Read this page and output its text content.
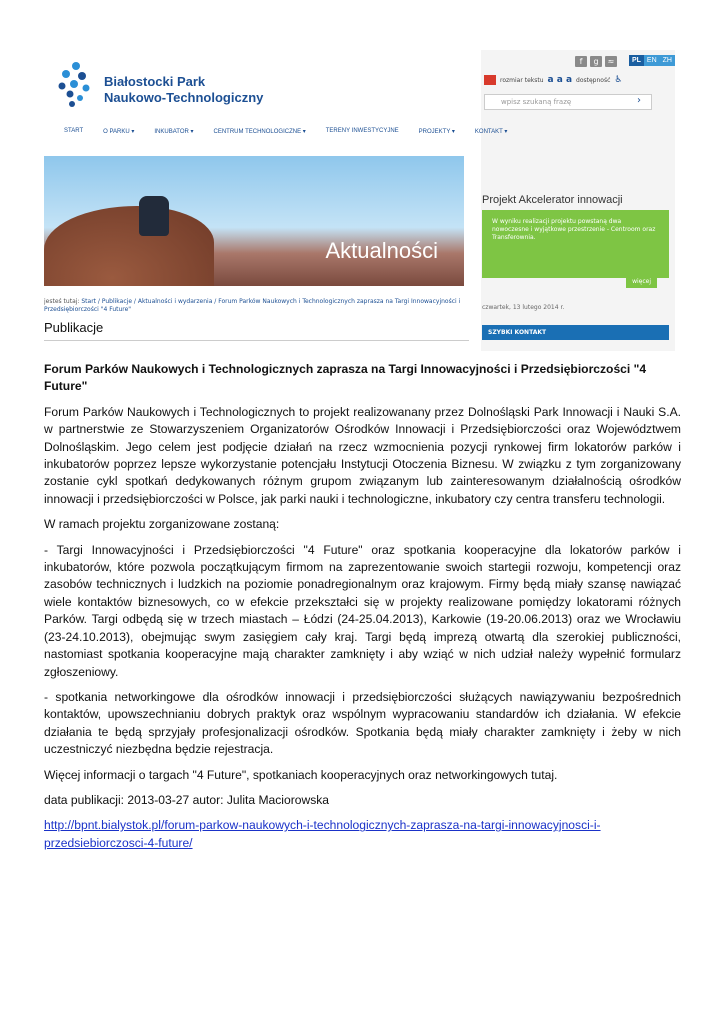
Białostocki Park
Naukowo-Technologiczny
f	g	≈	PL EN ZH
rozmiar tekstu a a a dostępność ♿
wpisz szukaną frazę	›
START	O PARKU ▾	INKUBATOR ▾	CENTRUM TECHNOLOGICZNE ▾	TERENY INWESTYCYJNE	PROJEKTY ▾	KONTAKT ▾
Aktualności
Projekt Akcelerator innowacji
W wyniku realizacji projektu powstaną dwa nowoczesne i wyjątkowe przestrzenie - Centroom oraz Transferownia.
więcej
jesteś tutaj: Start / Publikacje / Aktualności i wydarzenia / Forum Parków Naukowych i Technologicznych zaprasza na Targi Innowacyjności i Przedsiębiorczości "4 Future"	czwartek, 13 lutego 2014 r.
Publikacje	SZYBKI KONTAKT
Forum Parków Naukowych i Technologicznych zaprasza na Targi Innowacyjności i Przedsiębiorczości "4 Future"

Forum Parków Naukowych i Technologicznych to projekt realizowanany przez Dolnośląski Park Innowacji i Nauki S.A. w partnerstwie ze Stowarzyszeniem Organizatorów Ośrodków Innowacji i Przedsiębiorczości oraz Województwem Dolnośląskim. Jego celem jest podjęcie działań na rzecz wzmocnienia pozycji rynkowej firm lokatorów parków i inkubatorów poprzez lepsze wykorzystanie potencjału Instytucji Otoczenia Biznesu. W związku z tym zorganizowany zostanie cykl spotkań dedykowanych różnym grupom związanym lub zainteresowanym działalnością ośrodków innowacji i przedsiębiorczości w Polsce, jak parki nauki i technologiczne, inkubatory czy centra transferu technologii.

W ramach projektu zorganizowane zostaną:

- Targi Innowacyjności i Przedsiębiorczości "4 Future" oraz spotkania kooperacyjne dla lokatorów parków i inkubatorów, które pozwola początkującym firmom na zaprezentowanie swoich startegii rozwoju, kompetencji oraz zasobów technicznych i ludzkich na poziomie ponadregionalnym oraz krajowym. Firmy będą miały szansę nawiązać wiele kontaktów biznesowych, co w efekcie przekształci się w projekty realizowane pomiędzy lokatorami różnych Parków. Targi odbędą się w trzech miastach – Łódzi (24-25.04.2013), Karkowie (19-20.06.2013) oraz we Wrocławiu (23-24.10.2013), obejmując swym zasięgiem cały kraj. Targi będą imprezą otwartą dla szerokiej publiczności, nastomiast spotkania kooperacyjne mają charakter zamknięty i aby wziąć w nich udział należy wypełnić formularz zgłoszeniowy.

- spotkania networkingowe dla ośrodków innowacji i przedsiębiorczości służących nawiązywaniu bezpośrednich kontaktów, upowszechnianiu dobrych praktyk oraz wspólnym wypracowaniu standardów ich działania. W efekcie działania te będą sprzyjały profesjonalizacji ośrodków. Spotkania będą miały charakter zamknięty i żeby w nich uczestniczyć niezbędna będzie rejestracja.

Więcej informacji o targach "4 Future", spotkaniach kooperacyjnych oraz networkingowych tutaj.

data publikacji: 2013-03-27 autor: Julita Maciorowska

http://bpnt.bialystok.pl/forum-parkow-naukowych-i-technologicznych-zaprasza-na-targi-innowacyjnosci-i-przedsiebiorczosci-4-future/
